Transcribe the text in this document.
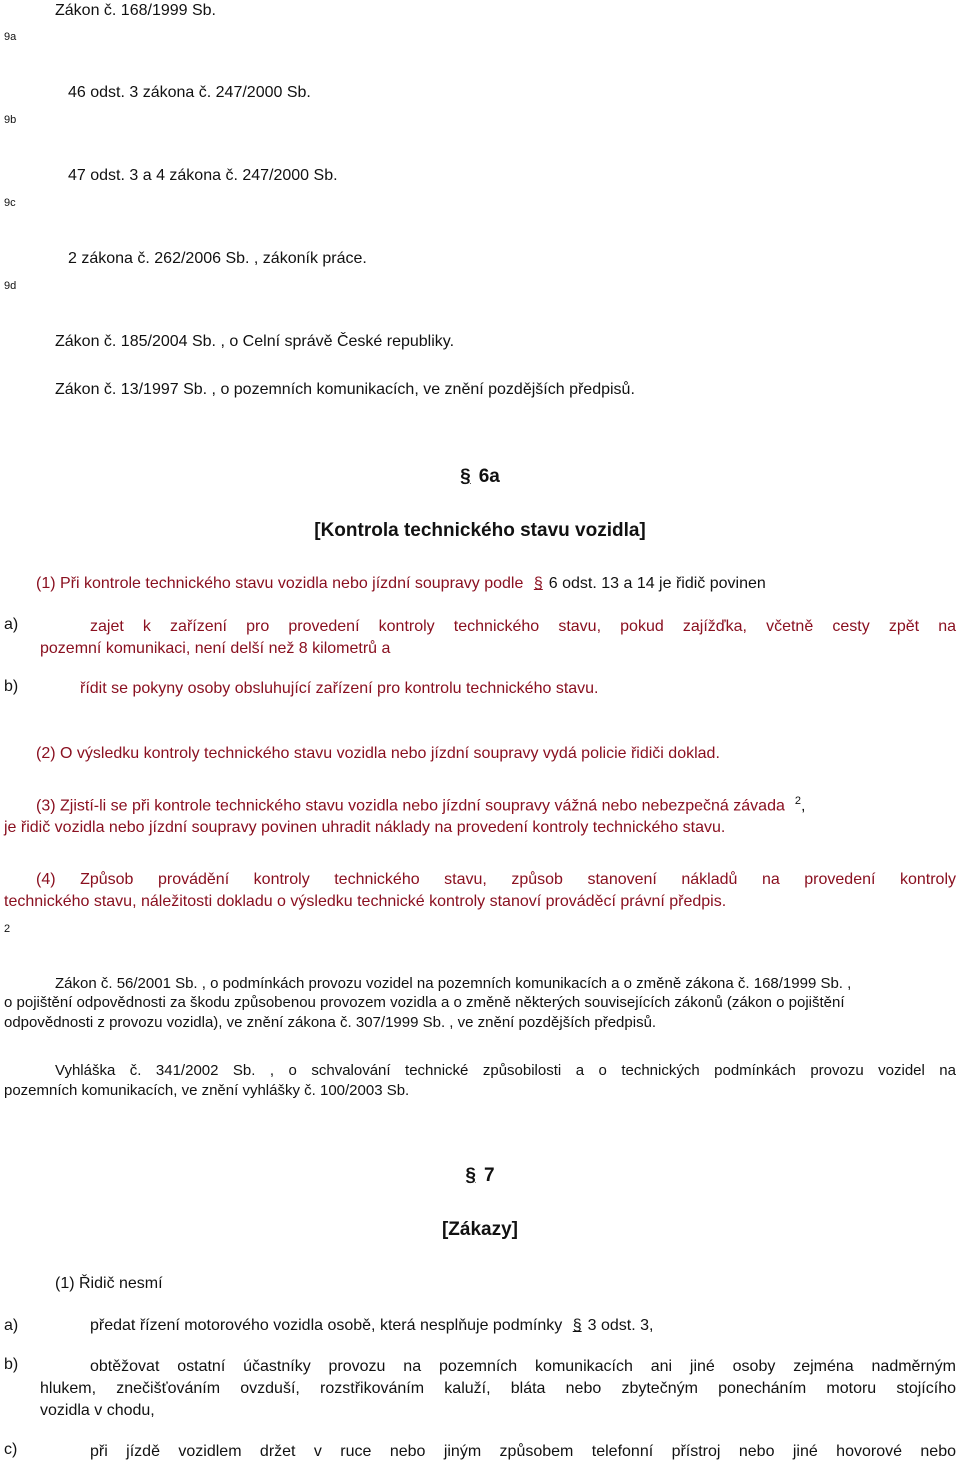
Zákon č. 168/1999 Sb.
9a
46 odst. 3 zákona č. 247/2000 Sb.
9b
47 odst. 3 a 4 zákona č. 247/2000 Sb.
9c
2 zákona č. 262/2006 Sb. , zákoník práce.
9d
Zákon č. 185/2004 Sb. , o Celní správě České republiky.
Zákon č. 13/1997 Sb. , o pozemních komunikacích, ve znění pozdějších předpisů.
§ 6a
[Kontrola technického stavu vozidla]
(1) Při kontrole technického stavu vozidla nebo jízdní soupravy podle § 6 odst. 13 a 14 je řidič povinen
a)	zajet k zařízení pro provedení kontroly technického stavu, pokud zajížďka, včetně cesty zpět na
pozemní komunikaci, není delší než 8 kilometrů a
b)	řídit se pokyny osoby obsluhující zařízení pro kontrolu technického stavu.
(2) O výsledku kontroly technického stavu vozidla nebo jízdní soupravy vydá policie řidiči doklad.
(3) Zjistí-li se při kontrole technického stavu vozidla nebo jízdní soupravy vážná nebo nebezpečná závada $^2$,
je řidič vozidla nebo jízdní soupravy povinen uhradit náklady na provedení kontroly technického stavu.
(4) Způsob provádění kontroly technického stavu, způsob stanovení nákladů na provedení kontroly
technického stavu, náležitosti dokladu o výsledku technické kontroly stanoví prováděcí právní předpis.
2
Zákon č. 56/2001 Sb. , o podmínkách provozu vozidel na pozemních komunikacích a o změně zákona č. 168/1999 Sb. ,
o pojištění odpovědnosti za škodu způsobenou provozem vozidla a o změně některých souvisejících zákonů (zákon o pojištění
odpovědnosti z provozu vozidla), ve znění zákona č. 307/1999 Sb. , ve znění pozdějších předpisů.
Vyhláška č. 341/2002 Sb. , o schvalování technické způsobilosti a o technických podmínkách provozu vozidel na
pozemních komunikacích, ve znění vyhlášky č. 100/2003 Sb.
§ 7
[Zákazy]
(1) Řidič nesmí
a)	předat řízení motorového vozidla osobě, která nesplňuje podmínky § 3 odst. 3,
b)	obtěžovat ostatní účastníky provozu na pozemních komunikacích ani jiné osoby zejména nadměrným
hlukem, znečišťováním ovzduší, rozstřikováním kaluží, bláta nebo zbytečným ponecháním motoru stojícího
vozidla v chodu,
c)	při jízdě vozidlem držet v ruce nebo jiným způsobem telefonní přístroj nebo jiné hovorové nebo
